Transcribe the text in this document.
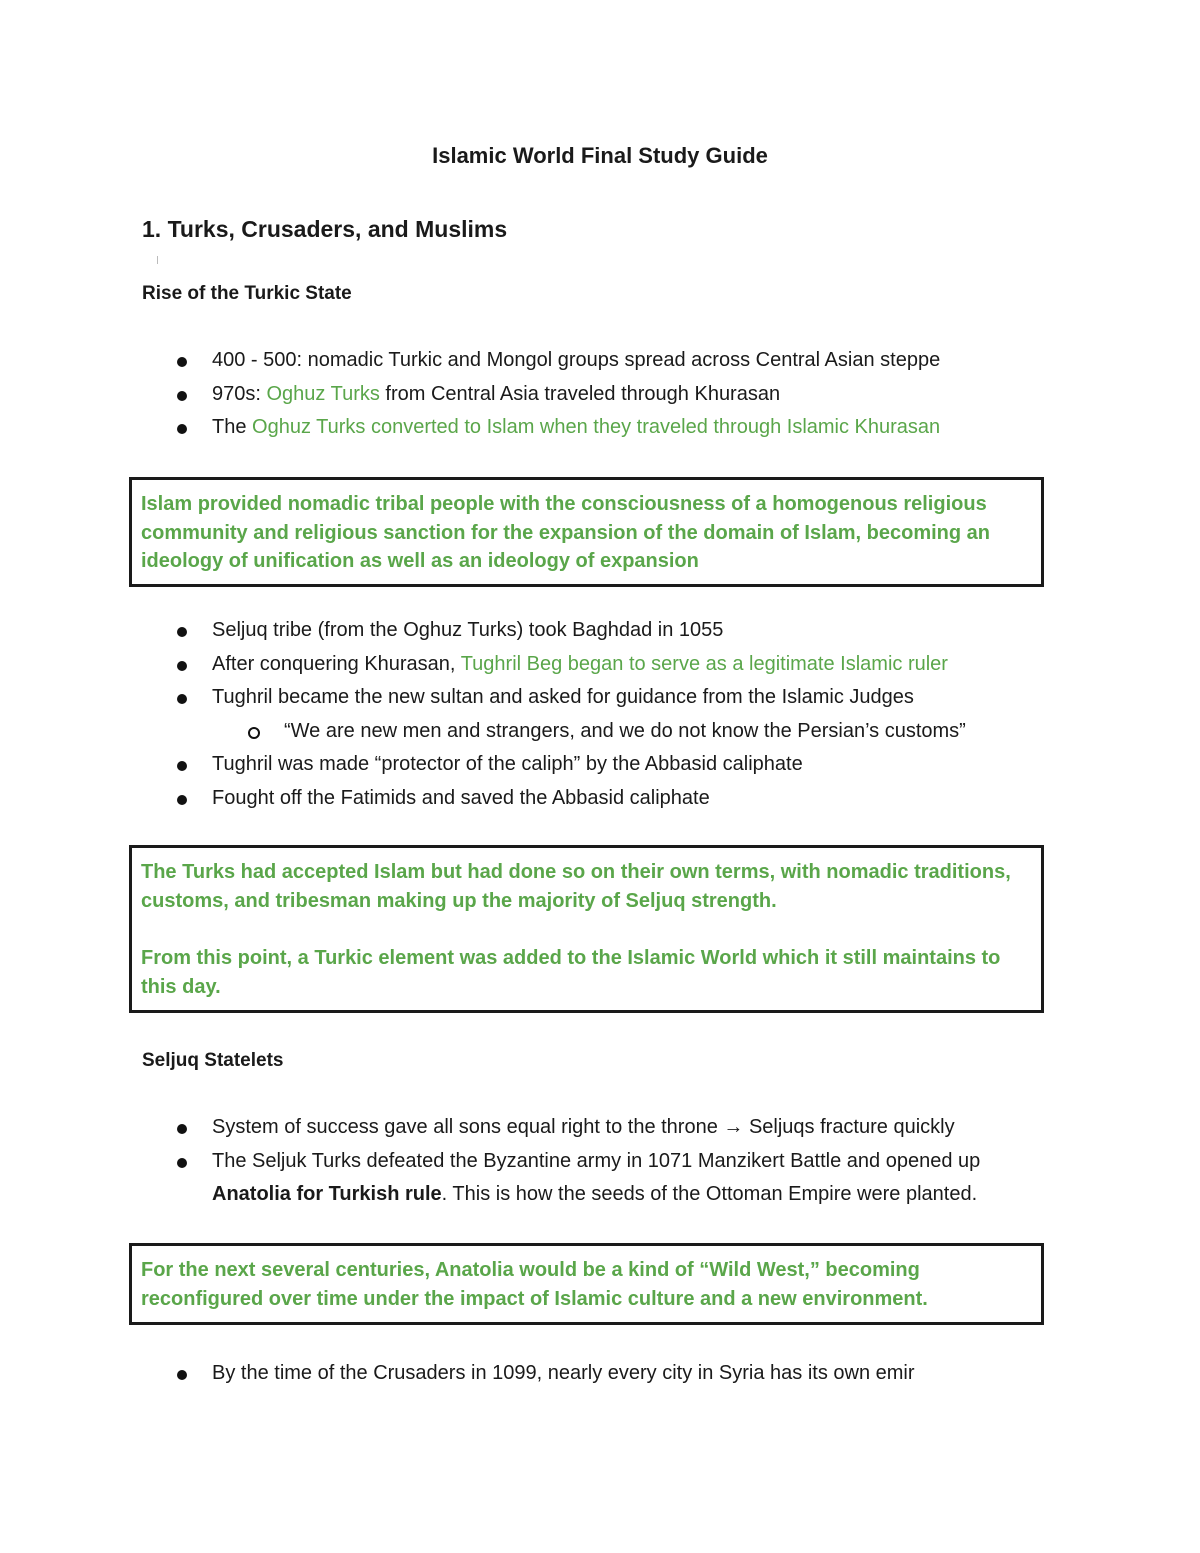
Islamic World Final Study Guide
1. Turks, Crusaders, and Muslims
Rise of the Turkic State
400 - 500: nomadic Turkic and Mongol groups spread across Central Asian steppe
970s: Oghuz Turks from Central Asia traveled through Khurasan
The Oghuz Turks converted to Islam when they traveled through Islamic Khurasan

Islam provided nomadic tribal people with the consciousness of a homogenous religious community and religious sanction for the expansion of the domain of Islam, becoming an ideology of unification as well as an ideology of expansion

Seljuq tribe (from the Oghuz Turks) took Baghdad in 1055
After conquering Khurasan, Tughril Beg began to serve as a legitimate Islamic ruler
Tughril became the new sultan and asked for guidance from the Islamic Judges
“We are new men and strangers, and we do not know the Persian’s customs”
Tughril was made “protector of the caliph” by the Abbasid caliphate
Fought off the Fatimids and saved the Abbasid caliphate

The Turks had accepted Islam but had done so on their own terms, with nomadic traditions, customs, and tribesman making up the majority of Seljuq strength.

From this point, a Turkic element was added to the Islamic World which it still maintains to this day.

Seljuq Statelets
System of success gave all sons equal right to the throne → Seljuqs fracture quickly
The Seljuk Turks defeated the Byzantine army in 1071 Manzikert Battle and opened up Anatolia for Turkish rule. This is how the seeds of the Ottoman Empire were planted.

For the next several centuries, Anatolia would be a kind of “Wild West,” becoming reconfigured over time under the impact of Islamic culture and a new environment.

By the time of the Crusaders in 1099, nearly every city in Syria has its own emir
